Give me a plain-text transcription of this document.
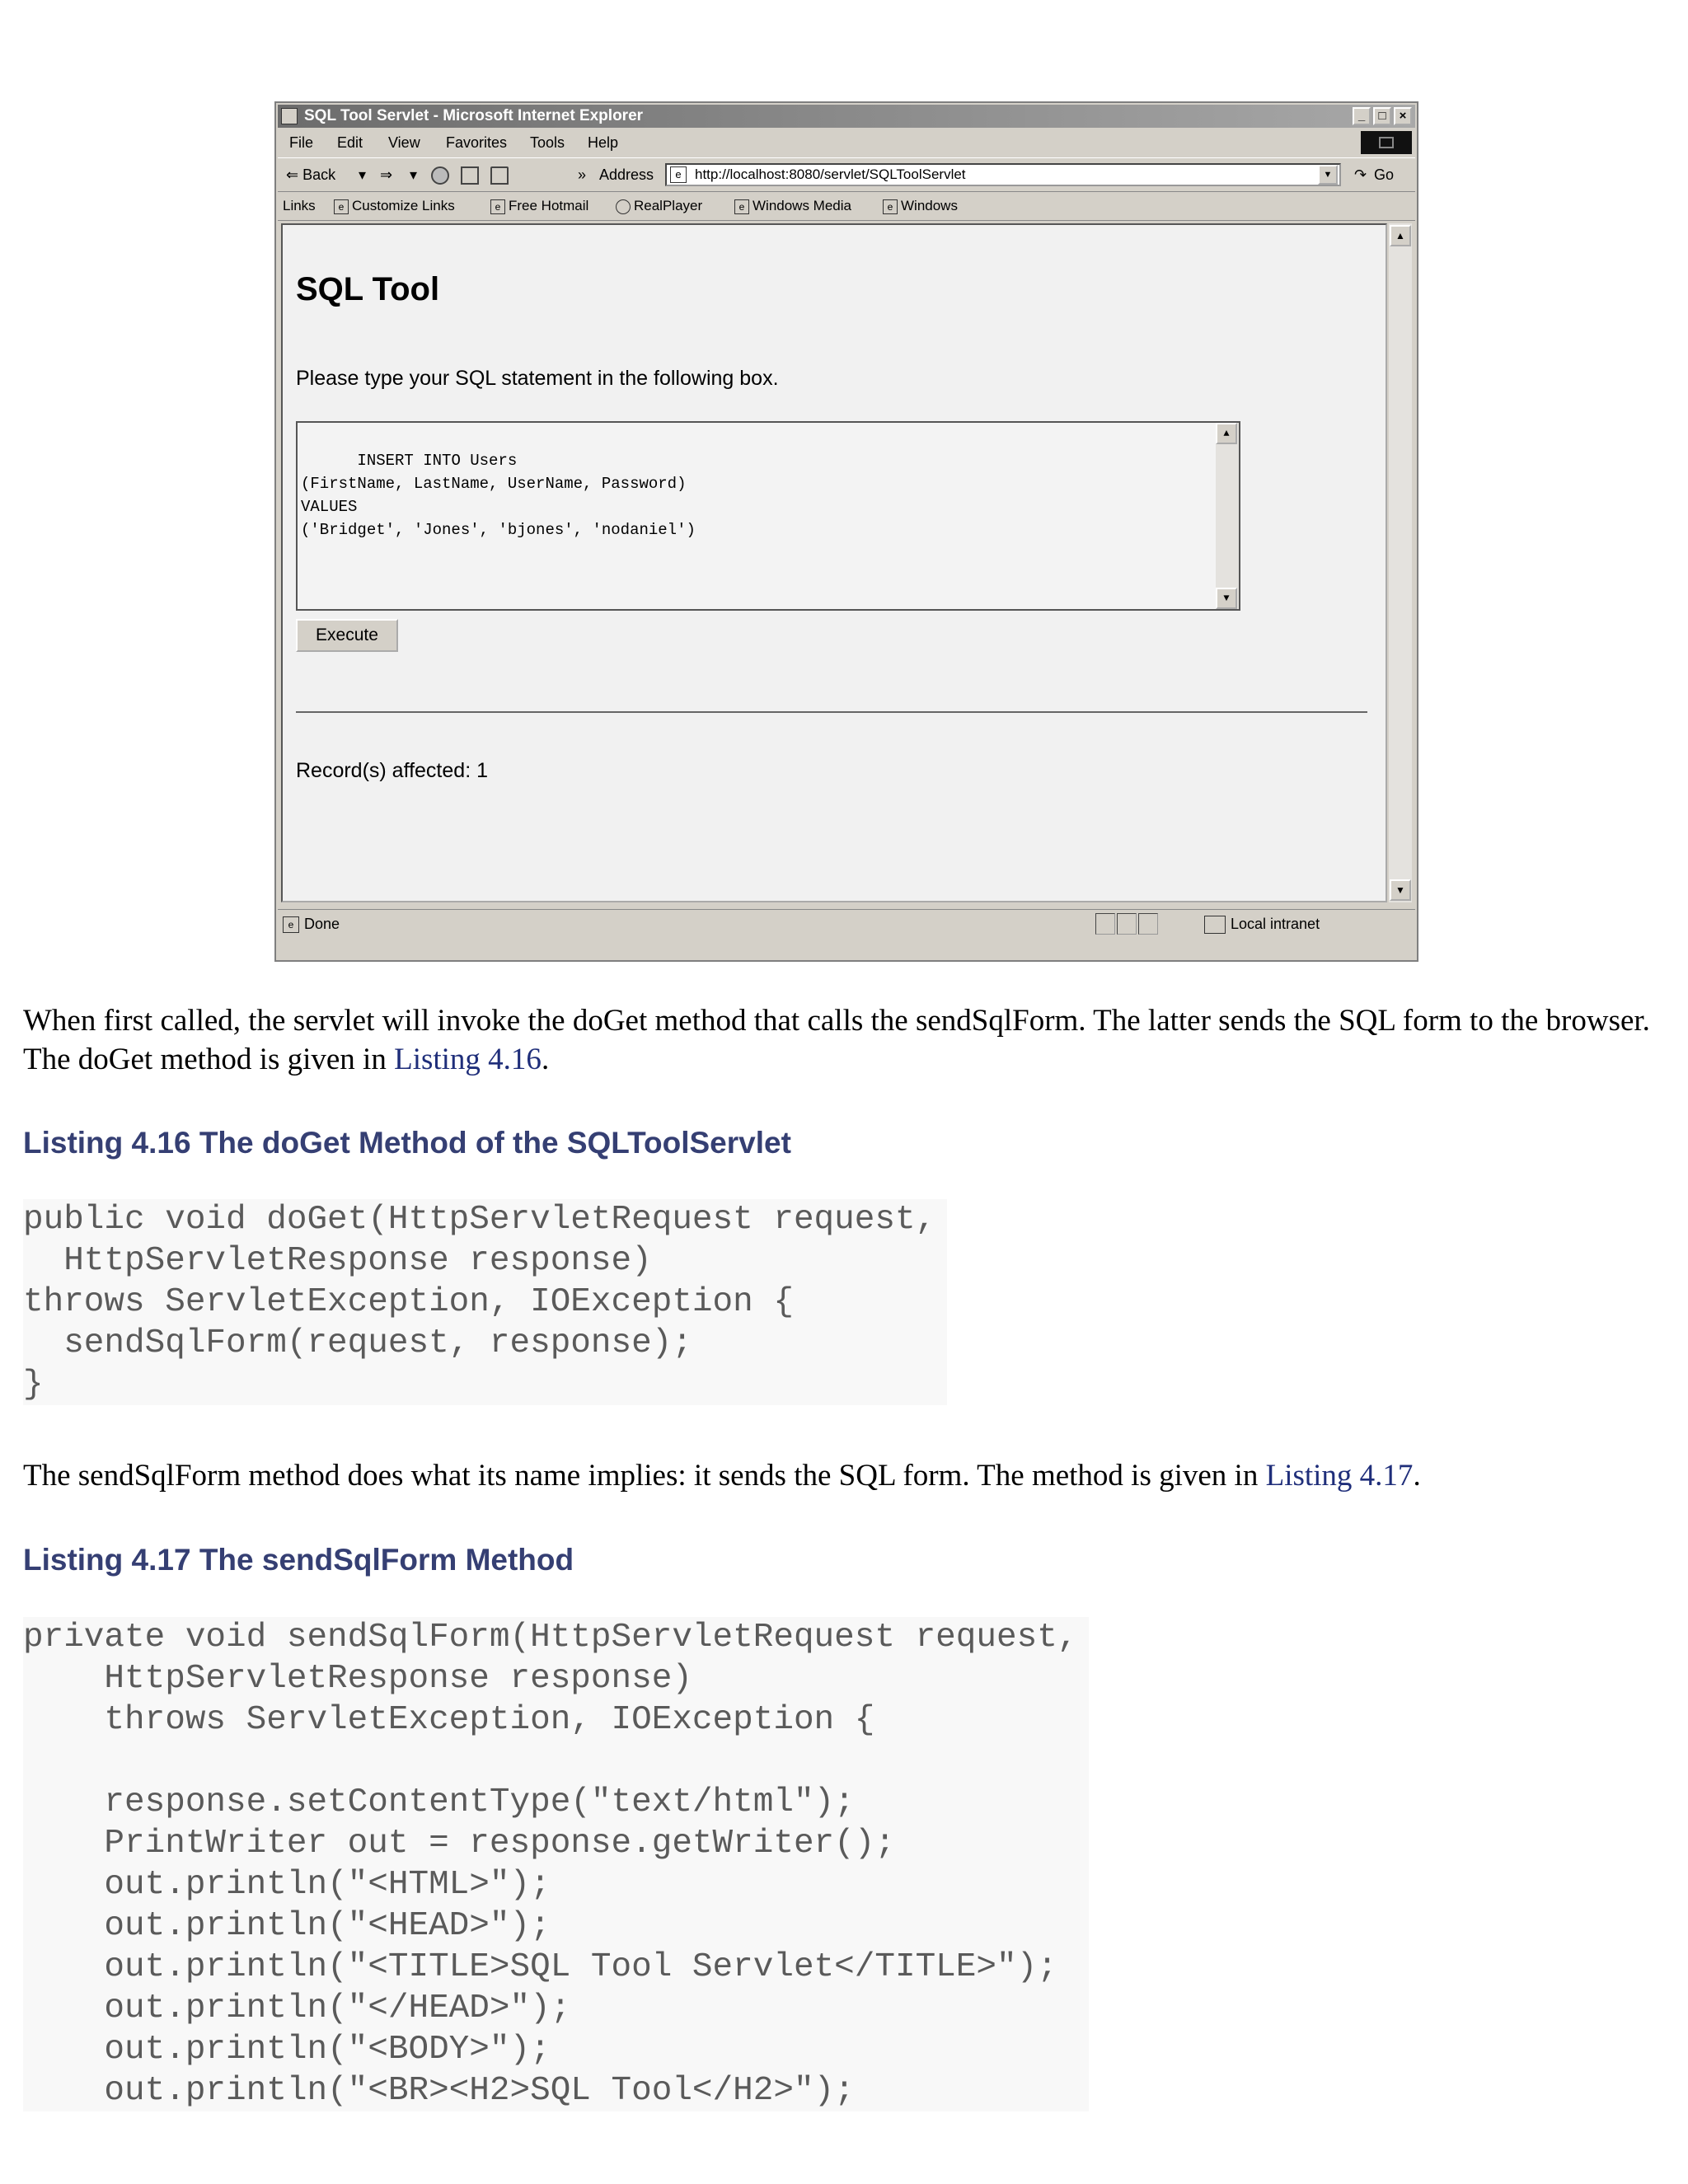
SQL Tool Servlet - Microsoft Internet Explorer	_	□	×
File Edit View Favorites Tools Help
⇐ Back ▾ ⇒ ▾	» Address	e http://localhost:8080/servlet/SQLToolServlet	▼	↷ Go
Links	e Customize Links	e Free Hotmail	RealPlayer	e Windows Media	e Windows
SQL Tool

Please type your SQL statement in the following box.

INSERT INTO Users
(FirstName, LastName, UserName, Password)
VALUES
('Bridget', 'Jones', 'bjones', 'nodaniel')

▲

▼

Execute

Record(s) affected: 1

▲
▼
e Done	Local intranet

When first called, the servlet will invoke the doGet method that calls the sendSqlForm. The latter sends the SQL form to the browser. The doGet method is given in Listing 4.16.

Listing 4.16 The doGet Method of the SQLToolServlet
public void doGet(HttpServletRequest request,
HttpServletResponse response)
throws ServletException, IOException {
sendSqlForm(request, response);
}

The sendSqlForm method does what its name implies: it sends the SQL form. The method is given in Listing 4.17.

Listing 4.17 The sendSqlForm Method
private void sendSqlForm(HttpServletRequest request,
HttpServletResponse response)
throws ServletException, IOException {

response.setContentType("text/html");
PrintWriter out = response.getWriter();
out.println("<HTML>");
out.println("<HEAD>");
out.println("<TITLE>SQL Tool Servlet</TITLE>");
out.println("</HEAD>");
out.println("<BODY>");
out.println("<BR><H2>SQL Tool</H2>");
